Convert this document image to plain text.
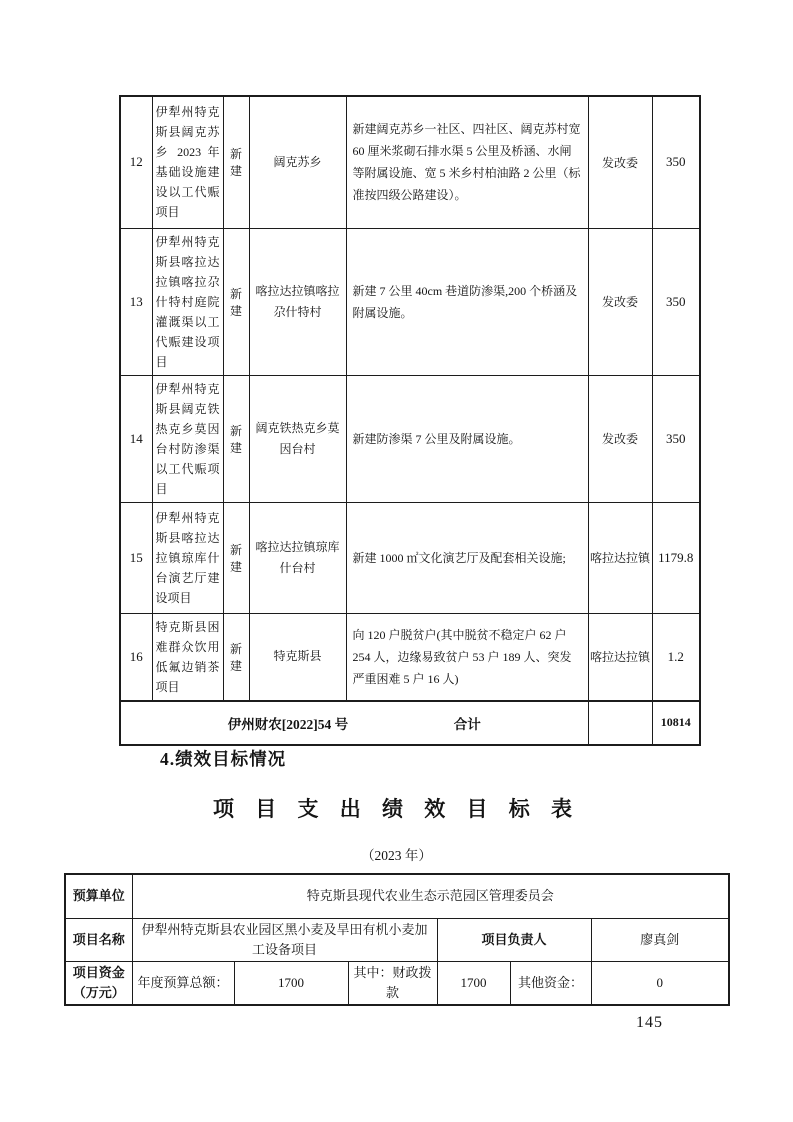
12	伊犁州特克斯县阔克苏乡 2023 年基础设施建设以工代赈项目	新建	阔克苏乡	新建阔克苏乡一社区、四社区、阔克苏村宽 60 厘米浆砌石排水渠 5 公里及桥涵、水闸等附属设施、宽 5 米乡村柏油路 2 公里（标准按四级公路建设）。	发改委	350
13	伊犁州特克斯县喀拉达拉镇喀拉尕什特村庭院灌溉渠以工代赈建设项目	新建	喀拉达拉镇喀拉尕什特村	新建 7 公里 40cm 巷道防渗渠,200 个桥涵及附属设施。	发改委	350
14	伊犁州特克斯县阔克铁热克乡莫因台村防渗渠以工代赈项目	新建	阔克铁热克乡莫因台村	新建防渗渠 7 公里及附属设施。	发改委	350
15	伊犁州特克斯县喀拉达拉镇琼库什台演艺厅建设项目	新建	喀拉达拉镇琼库什台村	新建 1000 ㎡文化演艺厅及配套相关设施;	喀拉达拉镇	1179.8
16	特克斯县困难群众饮用低氟边销茶项目	新建	特克斯县	向 120 户脱贫户(其中脱贫不稳定户 62 户 254 人，边缘易致贫户 53 户 189 人、突发严重困难 5 户 16 人)	喀拉达拉镇	1.2

伊州财农[2022]54 号 合计						10814
4.绩效目标情况
项 目 支 出 绩 效 目 标 表
（2023 年）
预算单位	特克斯县现代农业生态示范园区管理委员会					
项目名称	伊犁州特克斯县农业园区黑小麦及旱田有机小麦加工设备项目			项目负责人		廖真剑
项目资金（万元）	年度预算总额：	1700	其中：财政拨款	1700	其他资金：	0
145
